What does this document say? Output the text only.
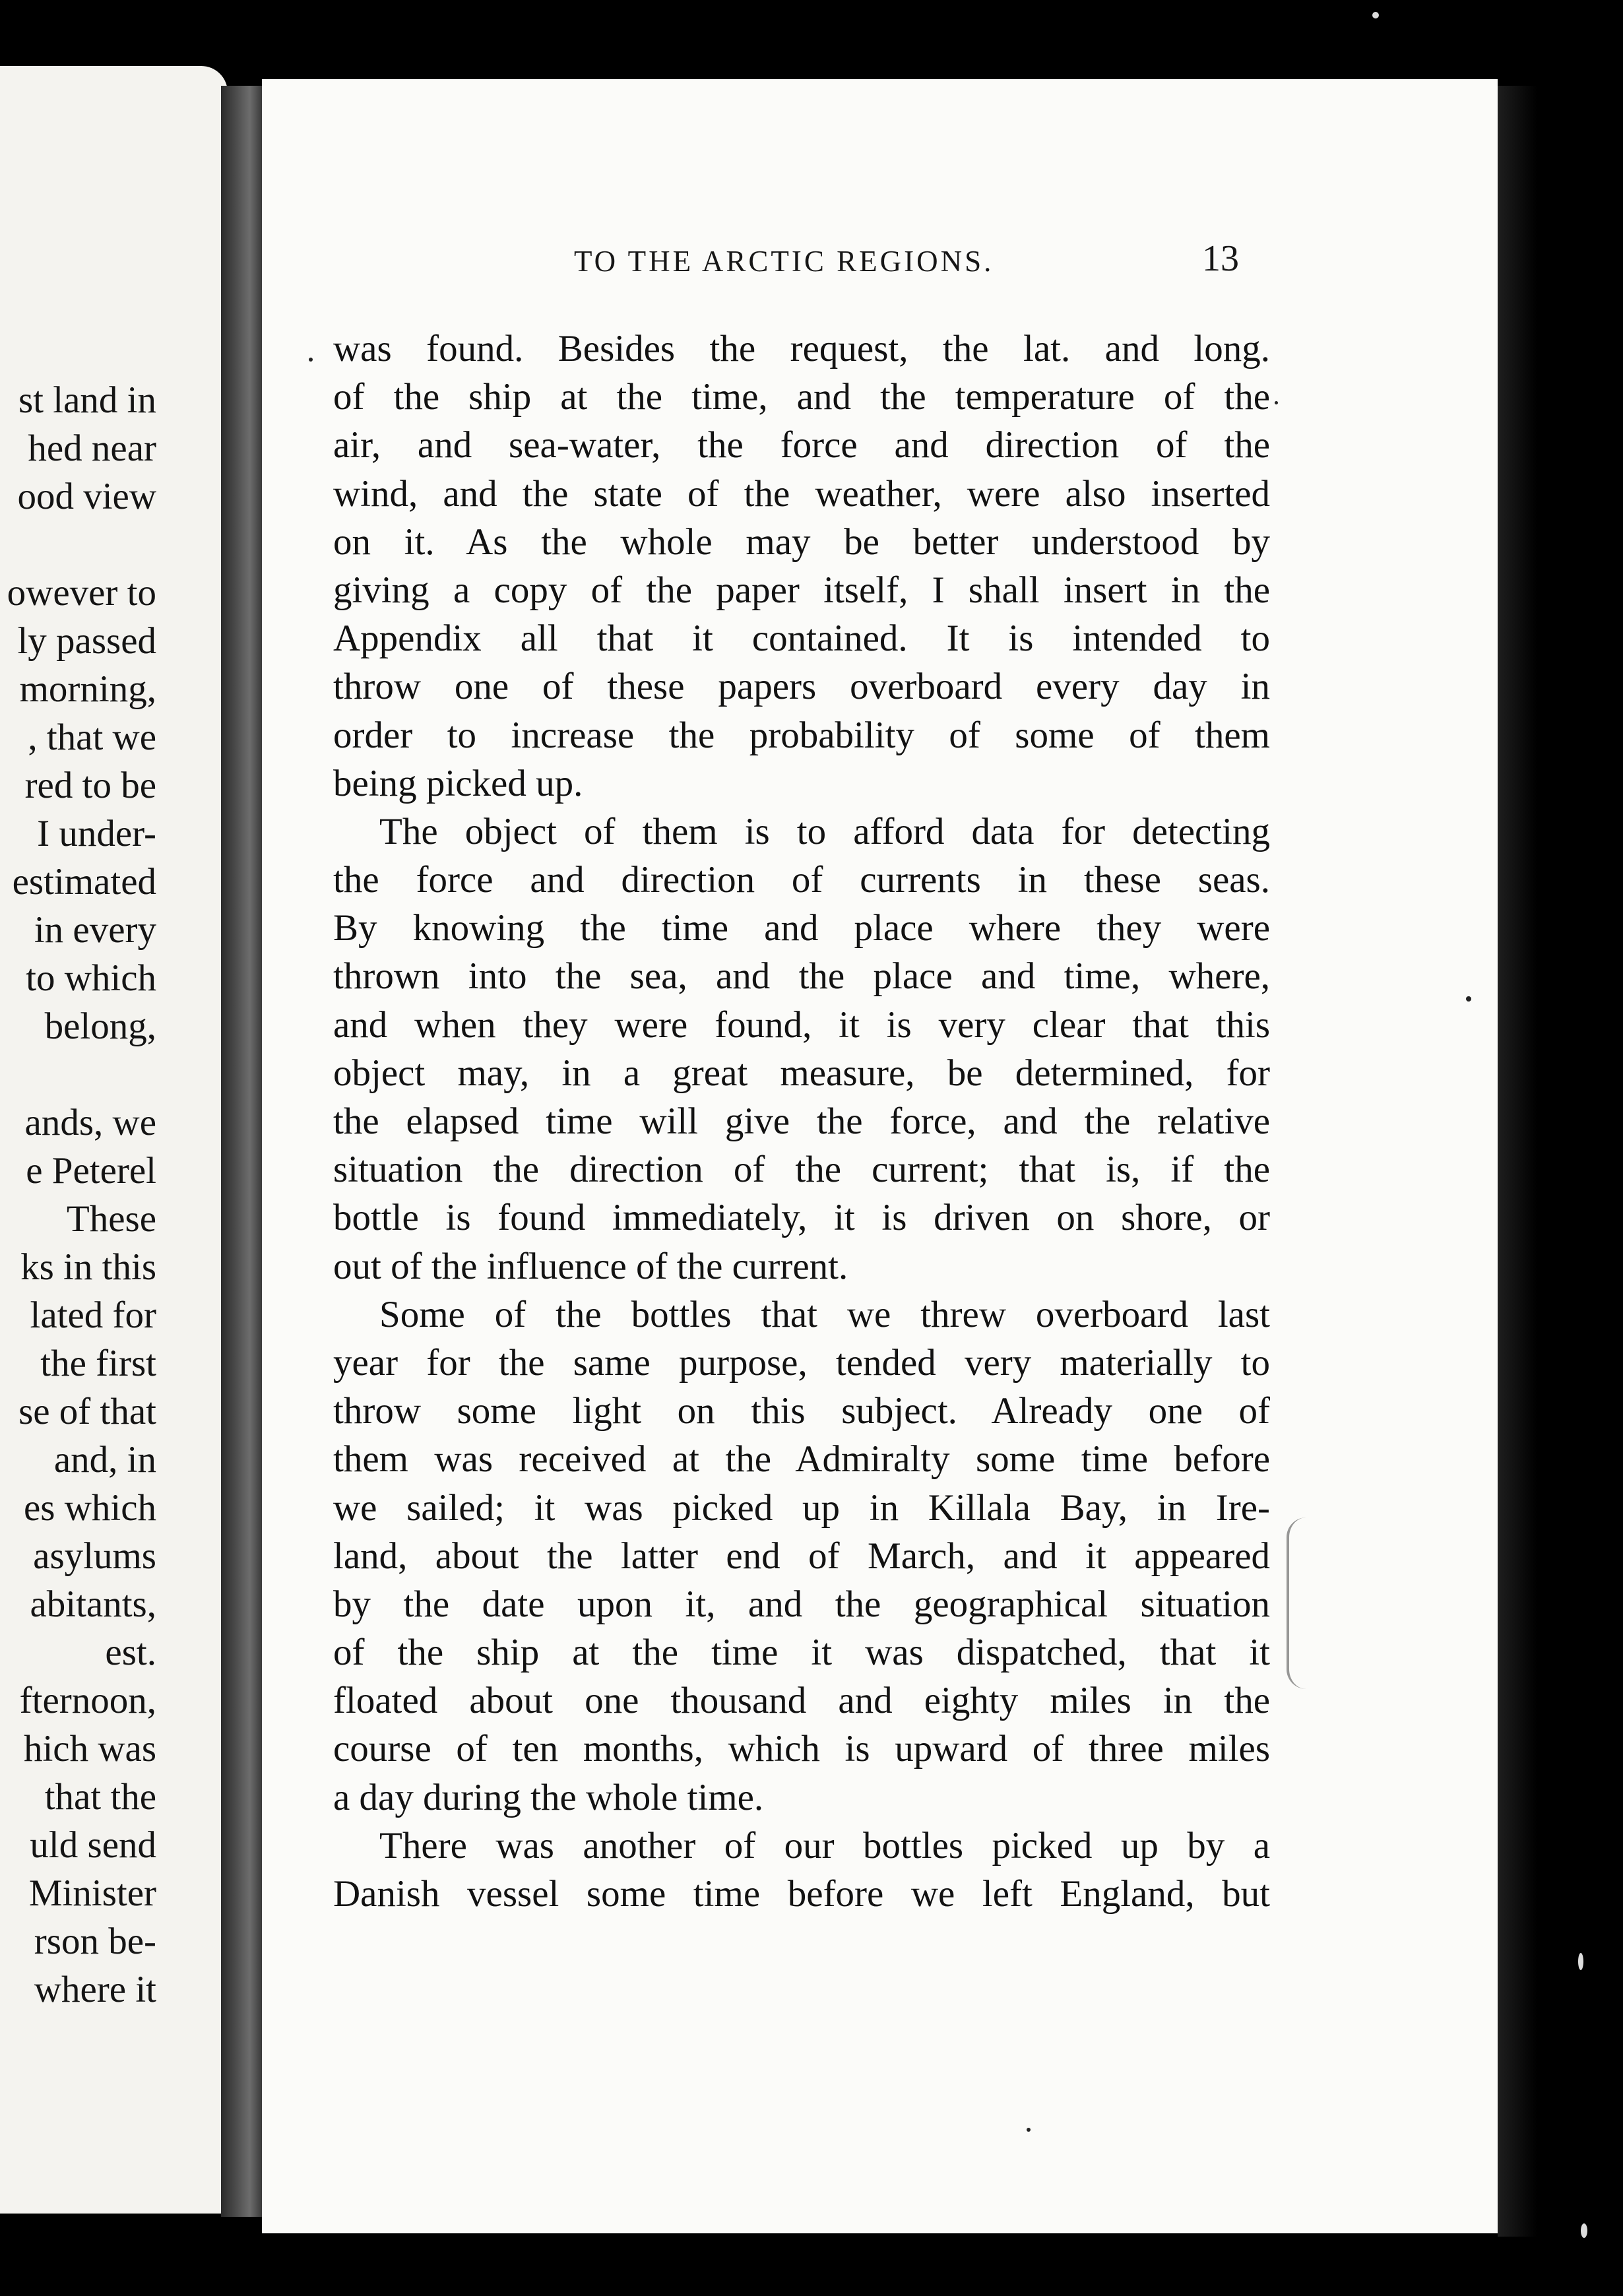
st land in
hed near
ood view
owever to
ly passed
morning,
, that we
red to be
I under-
estimated
in every
to which
belong,
ands, we
e Peterel
These
ks in this
lated for
the first
se of that
and, in
es which
asylums
abitants,
est.
fternoon,
hich was
that the
uld send
Minister
rson be-
where it
TO THE ARCTIC REGIONS.	13
was found. Besides the request, the lat. and long.
of the ship at the time, and the temperature of the
air, and sea-water, the force and direction of the
wind, and the state of the weather, were also inserted
on it. As the whole may be better understood by
giving a copy of the paper itself, I shall insert in the
Appendix all that it contained. It is intended to
throw one of these papers overboard every day in
order to increase the probability of some of them
being picked up.
The object of them is to afford data for detecting
the force and direction of currents in these seas.
By knowing the time and place where they were
thrown into the sea, and the place and time, where,
and when they were found, it is very clear that this
object may, in a great measure, be determined, for
the elapsed time will give the force, and the relative
situation the direction of the current; that is, if the
bottle is found immediately, it is driven on shore, or
out of the influence of the current.
Some of the bottles that we threw overboard last
year for the same purpose, tended very materially to
throw some light on this subject. Already one of
them was received at the Admiralty some time before
we sailed; it was picked up in Killala Bay, in Ire-
land, about the latter end of March, and it appeared
by the date upon it, and the geographical situation
of the ship at the time it was dispatched, that it
floated about one thousand and eighty miles in the
course of ten months, which is upward of three miles
a day during the whole time.
There was another of our bottles picked up by a
Danish vessel some time before we left England, but
